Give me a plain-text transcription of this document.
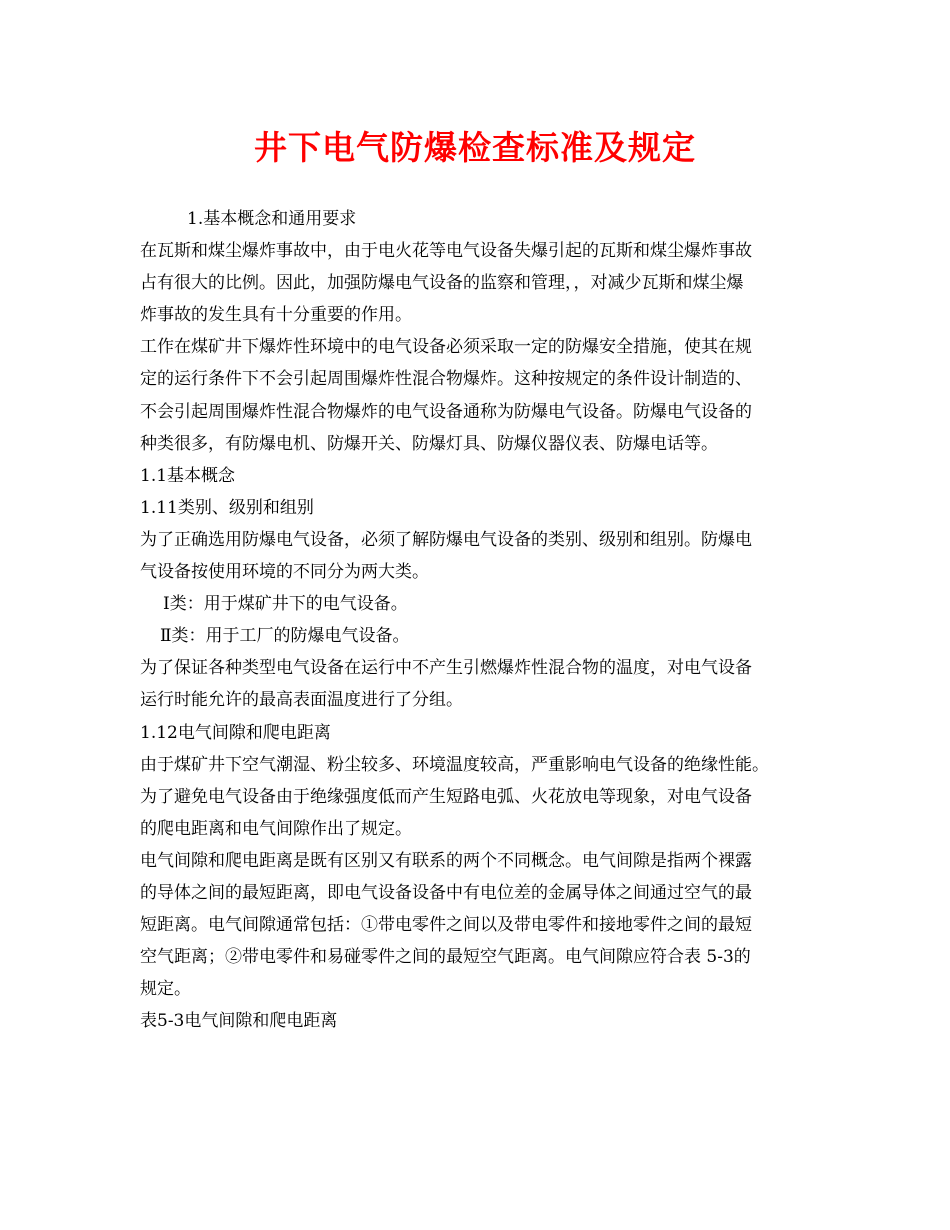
井下电气防爆检查标准及规定
1.基本概念和通用要求
在瓦斯和煤尘爆炸事故中，由于电火花等电气设备失爆引起的瓦斯和煤尘爆炸事故
占有很大的比例。因此，加强防爆电气设备的监察和管理，，对减少瓦斯和煤尘爆
炸事故的发生具有十分重要的作用。
工作在煤矿井下爆炸性环境中的电气设备必须采取一定的防爆安全措施，使其在规
定的运行条件下不会引起周围爆炸性混合物爆炸。这种按规定的条件设计制造的、
不会引起周围爆炸性混合物爆炸的电气设备通称为防爆电气设备。防爆电气设备的
种类很多，有防爆电机、防爆开关、防爆灯具、防爆仪器仪表、防爆电话等。
1.1基本概念
1.11类别、级别和组别
为了正确选用防爆电气设备，必须了解防爆电气设备的类别、级别和组别。防爆电
气设备按使用环境的不同分为两大类。
Ⅰ类：用于煤矿井下的电气设备。
Ⅱ类：用于工厂的防爆电气设备。
为了保证各种类型电气设备在运行中不产生引燃爆炸性混合物的温度，对电气设备
运行时能允许的最高表面温度进行了分组。
1.12电气间隙和爬电距离
由于煤矿井下空气潮湿、粉尘较多、环境温度较高，严重影响电气设备的绝缘性能。
为了避免电气设备由于绝缘强度低而产生短路电弧、火花放电等现象，对电气设备
的爬电距离和电气间隙作出了规定。
电气间隙和爬电距离是既有区别又有联系的两个不同概念。电气间隙是指两个裸露
的导体之间的最短距离，即电气设备设备中有电位差的金属导体之间通过空气的最
短距离。电气间隙通常包括：①带电零件之间以及带电零件和接地零件之间的最短
空气距离；②带电零件和易碰零件之间的最短空气距离。电气间隙应符合表 5-3的
规定。
表5-3电气间隙和爬电距离
